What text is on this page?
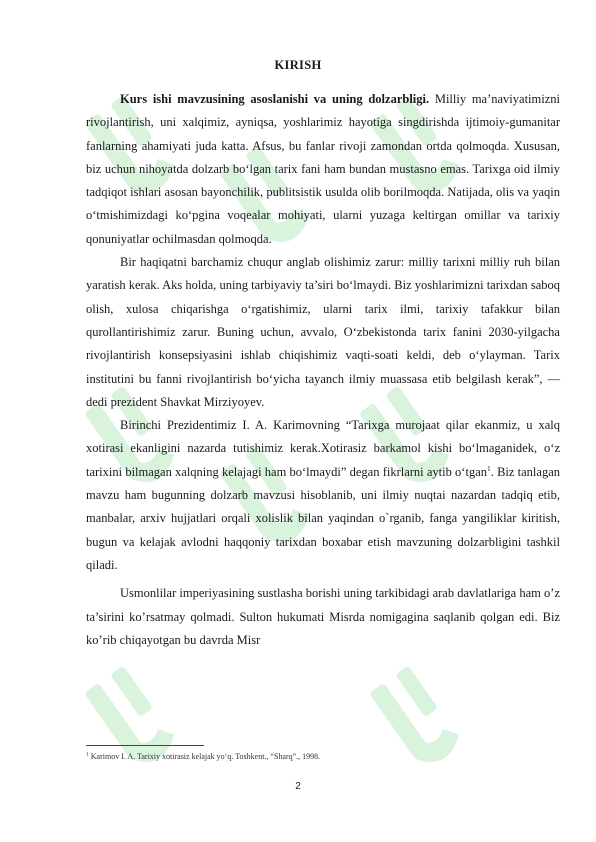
KIRISH

Kurs ishi mavzusining asoslanishi va uning dolzarbligi. Milliy ma’naviyatimizni rivojlantirish, uni xalqimiz, ayniqsa, yoshlarimiz hayotiga singdirishda ijtimoiy-gumanitar fanlarning ahamiyati juda katta. Afsus, bu fanlar rivoji zamondan ortda qolmoqda. Xususan, biz uchun nihoyatda dolzarb bo‘lgan tarix fani ham bundan mustasno emas. Tarixga oid ilmiy tadqiqot ishlari asosan bayonchilik, publitsistik usulda olib borilmoqda. Natijada, olis va yaqin o‘tmishimizdagi ko‘pgina voqealar mohiyati, ularni yuzaga keltirgan omillar va tarixiy qonuniyatlar ochilmasdan qolmoqda.

Bir haqiqatni barchamiz chuqur anglab olishimiz zarur: milliy tarixni milliy ruh bilan yaratish kerak. Aks holda, uning tarbiyaviy ta’siri bo‘lmaydi. Biz yoshlarimizni tarixdan saboq olish, xulosa chiqarishga o‘rgatishimiz, ularni tarix ilmi, tarixiy tafakkur bilan qurollantirishimiz zarur. Buning uchun, avvalo, O‘zbekistonda tarix fanini 2030-yilgacha rivojlantirish konsepsiyasini ishlab chiqishimiz vaqti-soati keldi, deb o‘ylayman. Tarix institutini bu fanni rivojlantirish bo‘yicha tayanch ilmiy muassasa etib belgilash kerak”, — dedi prezident Shavkat Mirziyoyev.

Birinchi Prezidentimiz I. A. Karimovning “Tarixga murojaat qilar ekanmiz, u xalq xotirasi ekanligini nazarda tutishimiz kerak.Xotirasiz barkamol kishi bo‘lmaganidek, o‘z tarixini bilmagan xalqning kelajagi ham bo‘lmaydi” degan fikrlarni aytib o‘tgan$^1$. Biz tanlagan mavzu ham bugunning dolzarb mavzusi hisoblanib, uni ilmiy nuqtai nazardan tadqiq etib, manbalar, arxiv hujjatlari orqali xolislik bilan yaqindan o`rganib, fanga yangiliklar kiritish, bugun va kelajak avlodni haqqoniy tarixdan boxabar etish mavzuning dolzarbligini tashkil qiladi.

Usmonlilar imperiyasining sustlasha borishi uning tarkibidagi arab davlatlariga ham o’z ta’sirini ko’rsatmay qolmadi. Sulton hukumati Misrda nomigagina saqlanib qolgan edi. Biz ko’rib chiqayotgan bu davrda Misr

$^1$ Karimov I. A. Tarixiy xotirasiz kelajak yo‘q. Toshkent., “Sharq”., 1998.

2
